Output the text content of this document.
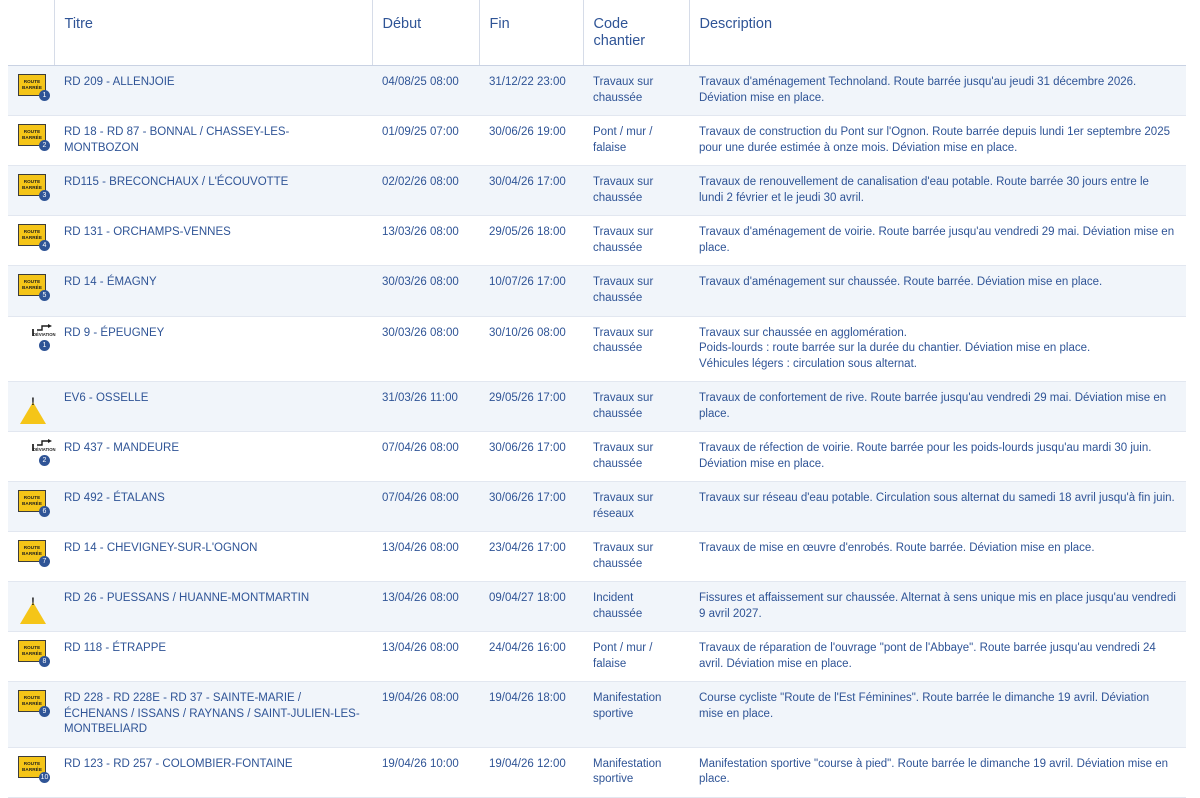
	Titre	Début	Fin	Code chantier	Description

ROUTE
BARRÉE
1	RD 209 - ALLENJOIE	04/08/25 08:00	31/12/22 23:00	Travaux sur chaussée	Travaux d'aménagement Technoland. Route barrée jusqu'au jeudi 31 décembre 2026. Déviation mise en place.

ROUTE
BARRÉE
2	RD 18 - RD 87 - BONNAL / CHASSEY-LES-MONTBOZON	01/09/25 07:00	30/06/26 19:00	Pont / mur / falaise	Travaux de construction du Pont sur l'Ognon. Route barrée depuis lundi 1er septembre 2025 pour une durée estimée à onze mois. Déviation mise en place.

ROUTE
BARRÉE
3	RD115 - BRECONCHAUX / L'ÉCOUVOTTE	02/02/26 08:00	30/04/26 17:00	Travaux sur chaussée	Travaux de renouvellement de canalisation d'eau potable. Route barrée 30 jours entre le lundi 2 février et le jeudi 30 avril.

ROUTE
BARRÉE
4	RD 131 - ORCHAMPS-VENNES	13/03/26 08:00	29/05/26 18:00	Travaux sur chaussée	Travaux d'aménagement de voirie. Route barrée jusqu'au vendredi 29 mai. Déviation mise en place.

ROUTE
BARRÉE
5	RD 14 - ÉMAGNY	30/03/26 08:00	10/07/26 17:00	Travaux sur chaussée	Travaux d'aménagement sur chaussée. Route barrée. Déviation mise en place.

DÉVIATION
1	RD 9 - ÉPEUGNEY	30/03/26 08:00	30/10/26 08:00	Travaux sur chaussée	Travaux sur chaussée en agglomération.
Poids-lourds : route barrée sur la durée du chantier. Déviation mise en place.
Véhicules légers : circulation sous alternat.

!	EV6 - OSSELLE	31/03/26 11:00	29/05/26 17:00	Travaux sur chaussée	Travaux de confortement de rive. Route barrée jusqu'au vendredi 29 mai. Déviation mise en place.

DÉVIATION
2	RD 437 - MANDEURE	07/04/26 08:00	30/06/26 17:00	Travaux sur chaussée	Travaux de réfection de voirie. Route barrée pour les poids-lourds jusqu'au mardi 30 juin. Déviation mise en place.

ROUTE
BARRÉE
6	RD 492 - ÉTALANS	07/04/26 08:00	30/06/26 17:00	Travaux sur réseaux	Travaux sur réseau d'eau potable. Circulation sous alternat du samedi 18 avril jusqu'à fin juin.

ROUTE
BARRÉE
7	RD 14 - CHEVIGNEY-SUR-L'OGNON	13/04/26 08:00	23/04/26 17:00	Travaux sur chaussée	Travaux de mise en œuvre d'enrobés. Route barrée. Déviation mise en place.

!	RD 26 - PUESSANS / HUANNE-MONTMARTIN	13/04/26 08:00	09/04/27 18:00	Incident chaussée	Fissures et affaissement sur chaussée. Alternat à sens unique mis en place jusqu'au vendredi 9 avril 2027.

ROUTE
BARRÉE
8	RD 118 - ÉTRAPPE	13/04/26 08:00	24/04/26 16:00	Pont / mur / falaise	Travaux de réparation de l'ouvrage "pont de l'Abbaye". Route barrée jusqu'au vendredi 24 avril. Déviation mise en place.

ROUTE
BARRÉE
9	RD 228 - RD 228E - RD 37 - SAINTE-MARIE / ÉCHENANS / ISSANS / RAYNANS / SAINT-JULIEN-LES-MONTBELIARD	19/04/26 08:00	19/04/26 18:00	Manifestation sportive	Course cycliste "Route de l'Est Féminines". Route barrée le dimanche 19 avril. Déviation mise en place.

ROUTE
BARRÉE
10	RD 123 - RD 257 - COLOMBIER-FONTAINE	19/04/26 10:00	19/04/26 12:00	Manifestation sportive	Manifestation sportive "course à pied". Route barrée le dimanche 19 avril. Déviation mise en place.
